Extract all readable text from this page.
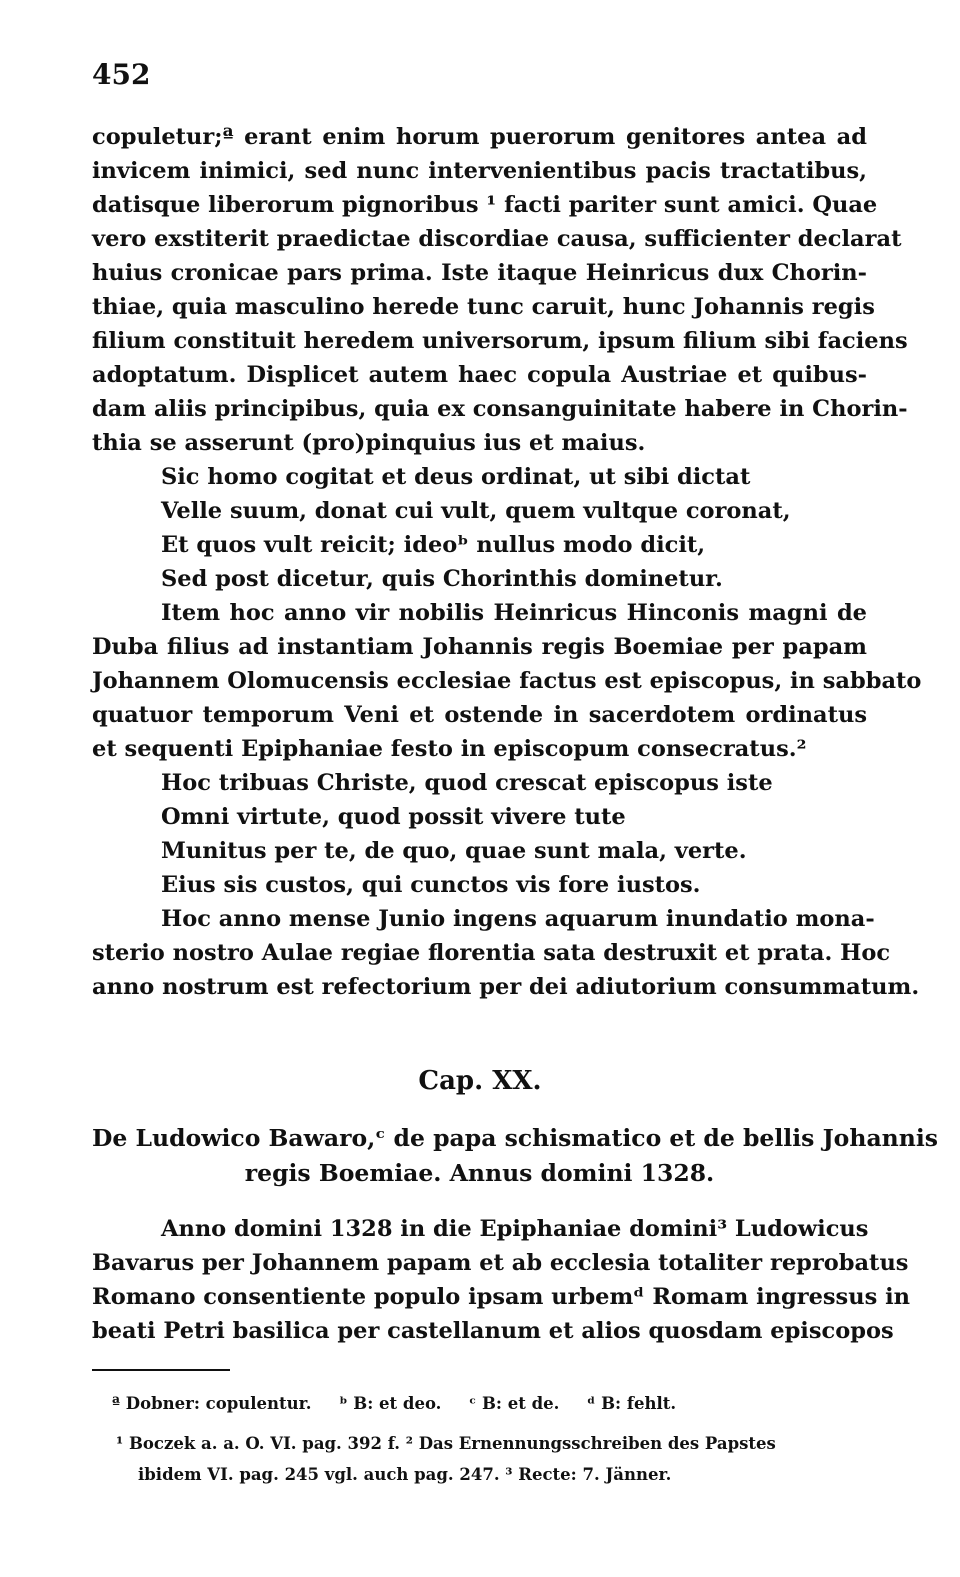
452
copuletur;ª erant enim horum puerorum genitores antea ad
invicem inimici, sed nunc intervenientibus pacis tractatibus,
datisque liberorum pignoribus ¹ facti pariter sunt amici. Quae
vero exstiterit praedictae discordiae causa, sufficienter declarat
huius cronicae pars prima. Iste itaque Heinricus dux Chorin-
thiae, quia masculino herede tunc caruit, hunc Johannis regis
filium constituit heredem universorum, ipsum filium sibi faciens
adoptatum. Displicet autem haec copula Austriae et quibus-
dam aliis principibus, quia ex consanguinitate habere in Chorin-
thia se asserunt (pro)pinquius ius et maius.
Sic homo cogitat et deus ordinat, ut sibi dictat
Velle suum, donat cui vult, quem vultque coronat,
Et quos vult reicit; ideoᵇ nullus modo dicit,
Sed post dicetur, quis Chorinthis dominetur.
Item hoc anno vir nobilis Heinricus Hinconis magni de
Duba filius ad instantiam Johannis regis Boemiae per papam
Johannem Olomucensis ecclesiae factus est episcopus, in sabbato
quatuor temporum Veni et ostende in sacerdotem ordinatus
et sequenti Epiphaniae festo in episcopum consecratus.²
Hoc tribuas Christe, quod crescat episcopus iste
Omni virtute, quod possit vivere tute
Munitus per te, de quo, quae sunt mala, verte.
Eius sis custos, qui cunctos vis fore iustos.
Hoc anno mense Junio ingens aquarum inundatio mona-
sterio nostro Aulae regiae florentia sata destruxit et prata. Hoc
anno nostrum est refectorium per dei adiutorium consummatum.
Cap. XX.
De Ludowico Bawaro,ᶜ de papa schismatico et de bellis Johannis
regis Boemiae. Annus domini 1328.
Anno domini 1328 in die Epiphaniae domini³ Ludowicus
Bavarus per Johannem papam et ab ecclesia totaliter reprobatus
Romano consentiente populo ipsam urbemᵈ Romam ingressus in
beati Petri basilica per castellanum et alios quosdam episcopos
ª Dobner: copulentur. ᵇ B: et deo. ᶜ B: et de. ᵈ B: fehlt.
¹ Boczek a. a. O. VI. pag. 392 f. ² Das Ernennungsschreiben des Papstes
ibidem VI. pag. 245 vgl. auch pag. 247. ³ Recte: 7. Jänner.
